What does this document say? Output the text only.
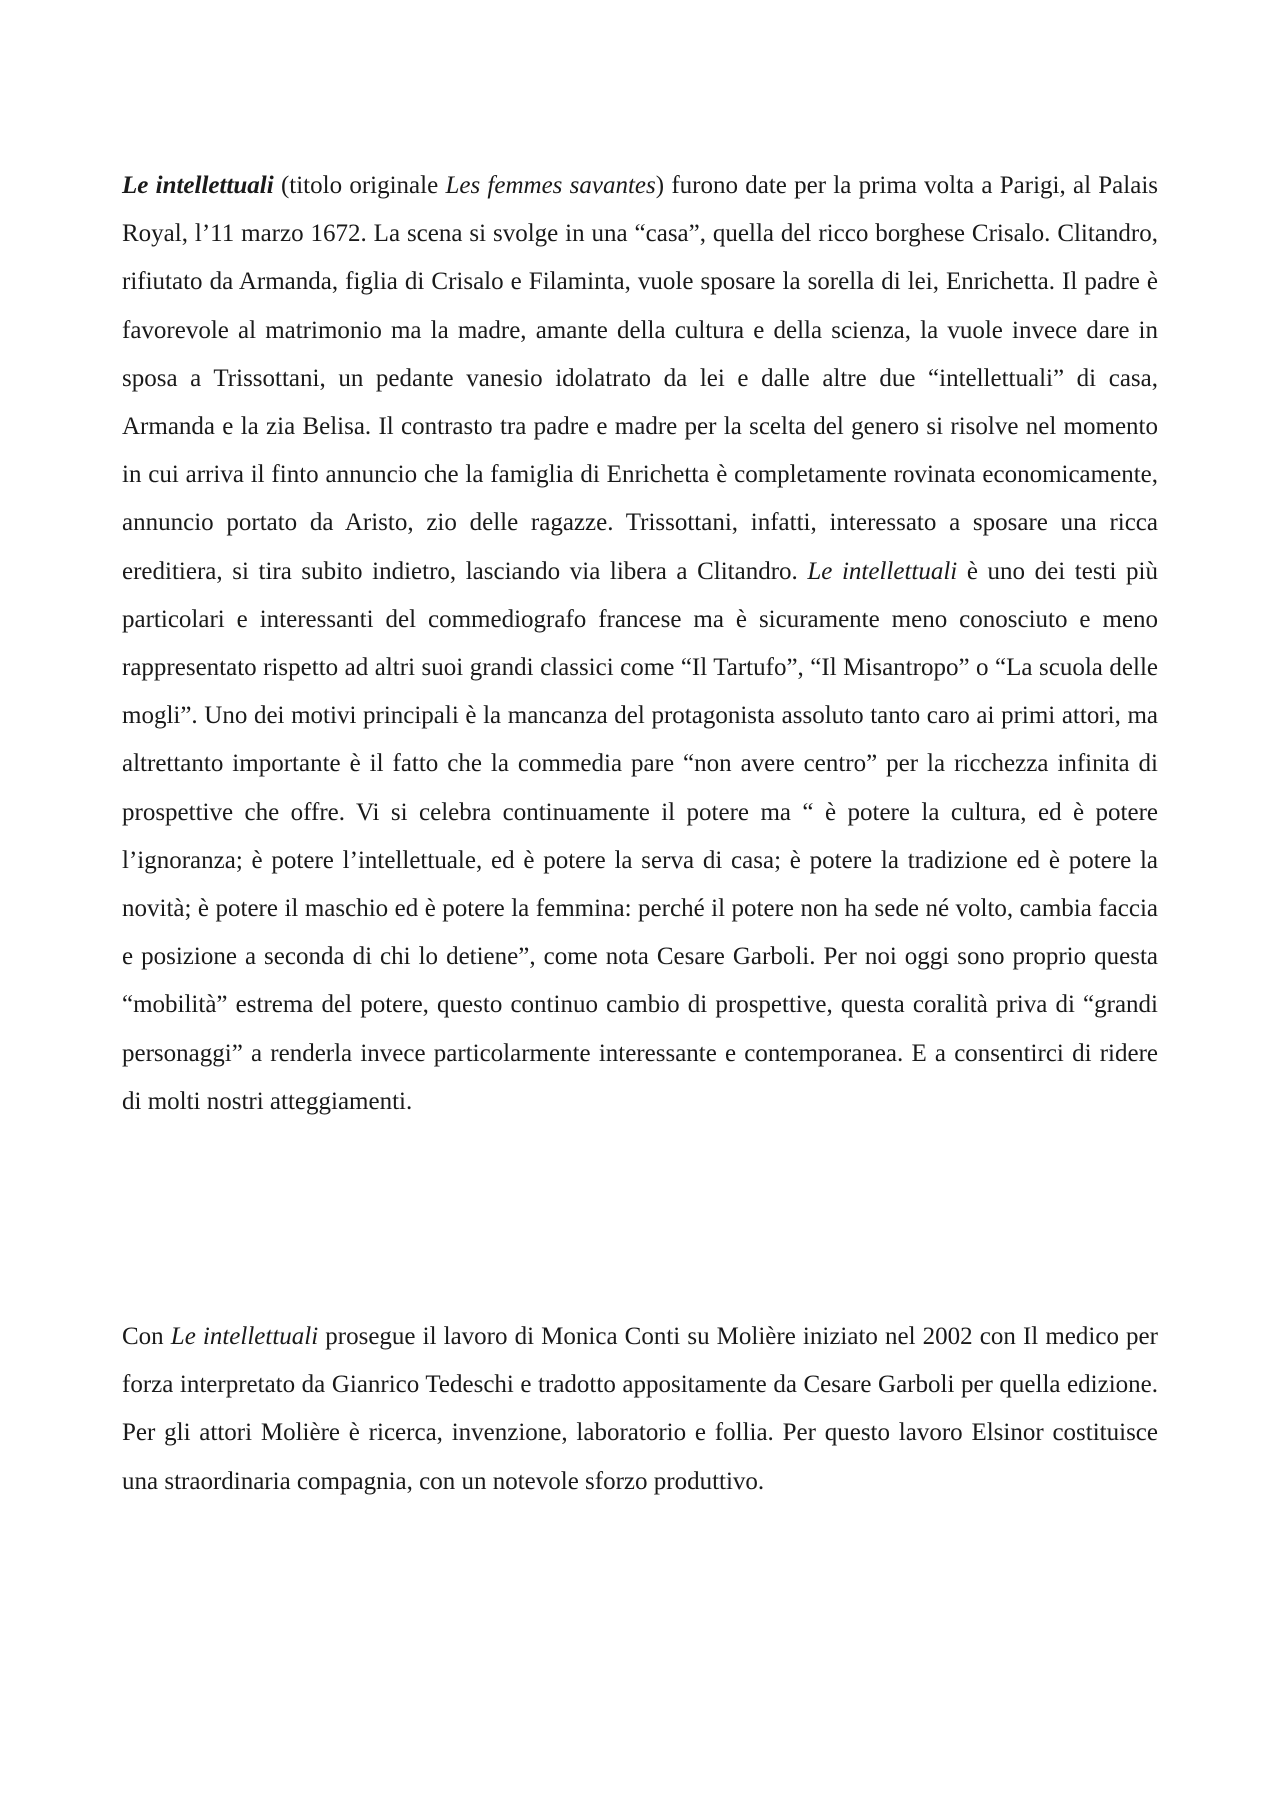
Le intellettuali (titolo originale Les femmes savantes) furono date per la prima volta a Parigi, al Palais Royal, l’11 marzo 1672. La scena si svolge in una “casa”, quella del ricco borghese Crisalo. Clitandro, rifiutato da Armanda, figlia di Crisalo e Filaminta, vuole sposare la sorella di lei, Enrichetta. Il padre è favorevole al matrimonio ma la madre, amante della cultura e della scienza, la vuole invece dare in sposa a Trissottani, un pedante vanesio idolatrato da lei e dalle altre due “intellettuali” di casa, Armanda e la zia Belisa. Il contrasto tra padre e madre per la scelta del genero si risolve nel momento in cui arriva il finto annuncio che la famiglia di Enrichetta è completamente rovinata economicamente, annuncio portato da Aristo, zio delle ragazze. Trissottani, infatti, interessato a sposare una ricca ereditiera, si tira subito indietro, lasciando via libera a Clitandro. Le intellettuali è uno dei testi più particolari e interessanti del commediografo francese ma è sicuramente meno conosciuto e meno rappresentato rispetto ad altri suoi grandi classici come “Il Tartufo”, “Il Misantropo” o “La scuola delle mogli”. Uno dei motivi principali è la mancanza del protagonista assoluto tanto caro ai primi attori, ma altrettanto importante è il fatto che la commedia pare “non avere centro” per la ricchezza infinita di prospettive che offre. Vi si celebra continuamente il potere ma “ è potere la cultura, ed è potere l’ignoranza; è potere l’intellettuale, ed è potere la serva di casa; è potere la tradizione ed è potere la novità; è potere il maschio ed è potere la femmina: perché il potere non ha sede né volto, cambia faccia e posizione a seconda di chi lo detiene”, come nota Cesare Garboli. Per noi oggi sono proprio questa “mobilità” estrema del potere, questo continuo cambio di prospettive, questa coralità priva di “grandi personaggi” a renderla invece particolarmente interessante e contemporanea. E a consentirci di ridere di molti nostri atteggiamenti.

Con Le intellettuali prosegue il lavoro di Monica Conti su Molière iniziato nel 2002 con Il medico per forza interpretato da Gianrico Tedeschi e tradotto appositamente da Cesare Garboli per quella edizione. Per gli attori Molière è ricerca, invenzione, laboratorio e follia. Per questo lavoro Elsinor costituisce una straordinaria compagnia, con un notevole sforzo produttivo.
